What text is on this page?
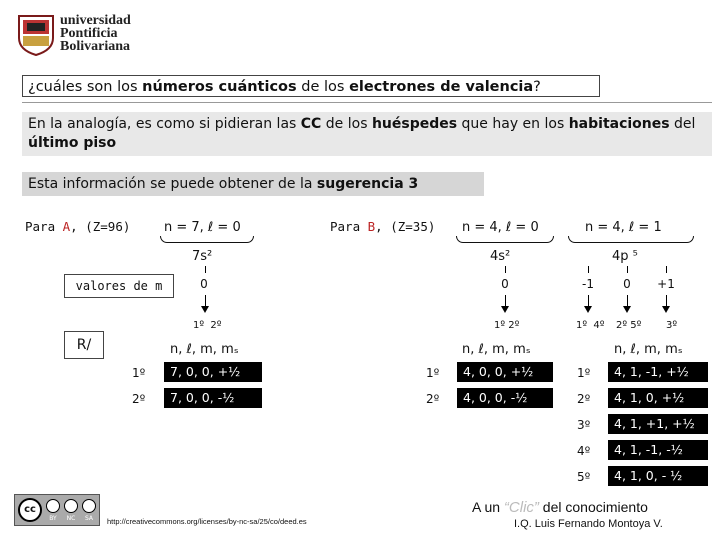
universidad
Pontificia
Bolivariana
¿cuáles son los números cuánticos de los electrones de valencia?
En la analogía, es como si pidieran las CC de los huéspedes que hay en los habitaciones del último piso
Esta información se puede obtener de la sugerencia 3
Para A, (Z=96)	n = 7, ℓ = 0
7s²
valores de m	0
1º  2º
Para B, (Z=35) n = 4, ℓ = 0	n = 4, ℓ = 1
4s²	4p ⁵
0	-1	0	+1
1º 2º	1º  4º 2º 5º 3º
R/	n, ℓ, m, mₛ	n, ℓ, m, mₛ	n, ℓ, m, mₛ
1º	7, 0, 0, +½
2º	7, 0, 0, -½
1º	4, 0, 0, +½
2º	4, 0, 0, -½
1º	4, 1, -1, +½
2º	4, 1, 0, +½
3º	4, 1, +1, +½
4º	4, 1, -1, -½
5º	4, 1, 0, - ½
cc
BY	NC	SA	http://creativecommons.org/licenses/by-nc-sa/25/co/deed.es
A un “Clic” del conocimiento
I.Q. Luis Fernando Montoya V.
